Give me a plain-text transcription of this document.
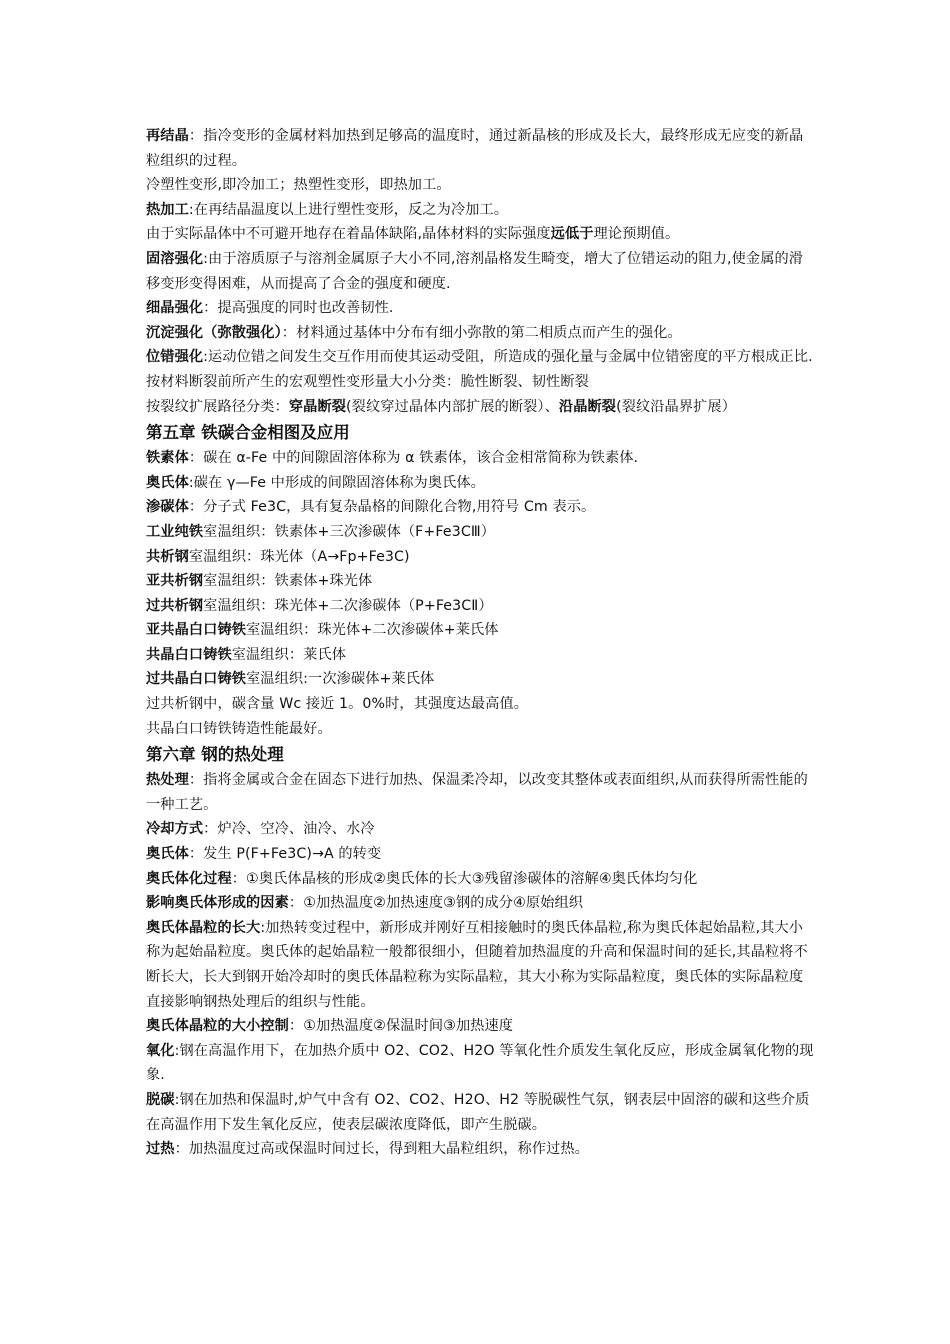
再结晶：指冷变形的金属材料加热到足够高的温度时，通过新晶核的形成及长大，最终形成无应变的新晶粒组织的过程。

冷塑性变形,即冷加工；热塑性变形，即热加工。

热加工:在再结晶温度以上进行塑性变形，反之为冷加工。

由于实际晶体中不可避开地存在着晶体缺陷,晶体材料的实际强度远低于理论预期值。

固溶强化:由于溶质原子与溶剂金属原子大小不同,溶剂晶格发生畸变，增大了位错运动的阻力,使金属的滑移变形变得困难，从而提高了合金的强度和硬度.

细晶强化：提高强度的同时也改善韧性.

沉淀强化（弥散强化）：材料通过基体中分布有细小弥散的第二相质点而产生的强化。

位错强化:运动位错之间发生交互作用而使其运动受阻，所造成的强化量与金属中位错密度的平方根成正比.

按材料断裂前所产生的宏观塑性变形量大小分类：脆性断裂、韧性断裂

按裂纹扩展路径分类：穿晶断裂(裂纹穿过晶体内部扩展的断裂）、沿晶断裂(裂纹沿晶界扩展）

第五章 铁碳合金相图及应用

铁素体：碳在 α-Fe 中的间隙固溶体称为 α 铁素体，该合金相常简称为铁素体.

奥氏体:碳在 γ—Fe 中形成的间隙固溶体称为奥氏体。

渗碳体：分子式 Fe3C，具有复杂晶格的间隙化合物,用符号 Cm 表示。

工业纯铁室温组织：铁素体+三次渗碳体（F+Fe3CⅢ）

共析钢室温组织：珠光体（A→Fp+Fe3C)

亚共析钢室温组织：铁素体+珠光体

过共析钢室温组织：珠光体+二次渗碳体（P+Fe3CⅡ）

亚共晶白口铸铁室温组织：珠光体+二次渗碳体+莱氏体

共晶白口铸铁室温组织：莱氏体

过共晶白口铸铁室温组织:一次渗碳体+莱氏体

过共析钢中，碳含量 Wc 接近 1。0%时，其强度达最高值。

共晶白口铸铁铸造性能最好。

第六章 钢的热处理

热处理：指将金属或合金在固态下进行加热、保温柔冷却，以改变其整体或表面组织,从而获得所需性能的一种工艺。

冷却方式：炉冷、空冷、油冷、水冷

奥氏体：发生 P(F+Fe3C)→A 的转变

奥氏体化过程：①奥氏体晶核的形成②奥氏体的长大③残留渗碳体的溶解④奥氏体均匀化

影响奥氏体形成的因素：①加热温度②加热速度③钢的成分④原始组织

奥氏体晶粒的长大:加热转变过程中，新形成并刚好互相接触时的奥氏体晶粒,称为奥氏体起始晶粒,其大小称为起始晶粒度。奥氏体的起始晶粒一般都很细小，但随着加热温度的升高和保温时间的延长,其晶粒将不断长大，长大到钢开始冷却时的奥氏体晶粒称为实际晶粒，其大小称为实际晶粒度，奥氏体的实际晶粒度直接影响钢热处理后的组织与性能。

奥氏体晶粒的大小控制：①加热温度②保温时间③加热速度

氧化:钢在高温作用下，在加热介质中 O2、CO2、H2O 等氧化性介质发生氧化反应，形成金属氧化物的现象.

脱碳:钢在加热和保温时,炉气中含有 O2、CO2、H2O、H2 等脱碳性气氛，钢表层中固溶的碳和这些介质在高温作用下发生氧化反应，使表层碳浓度降低，即产生脱碳。

过热：加热温度过高或保温时间过长，得到粗大晶粒组织，称作过热。
